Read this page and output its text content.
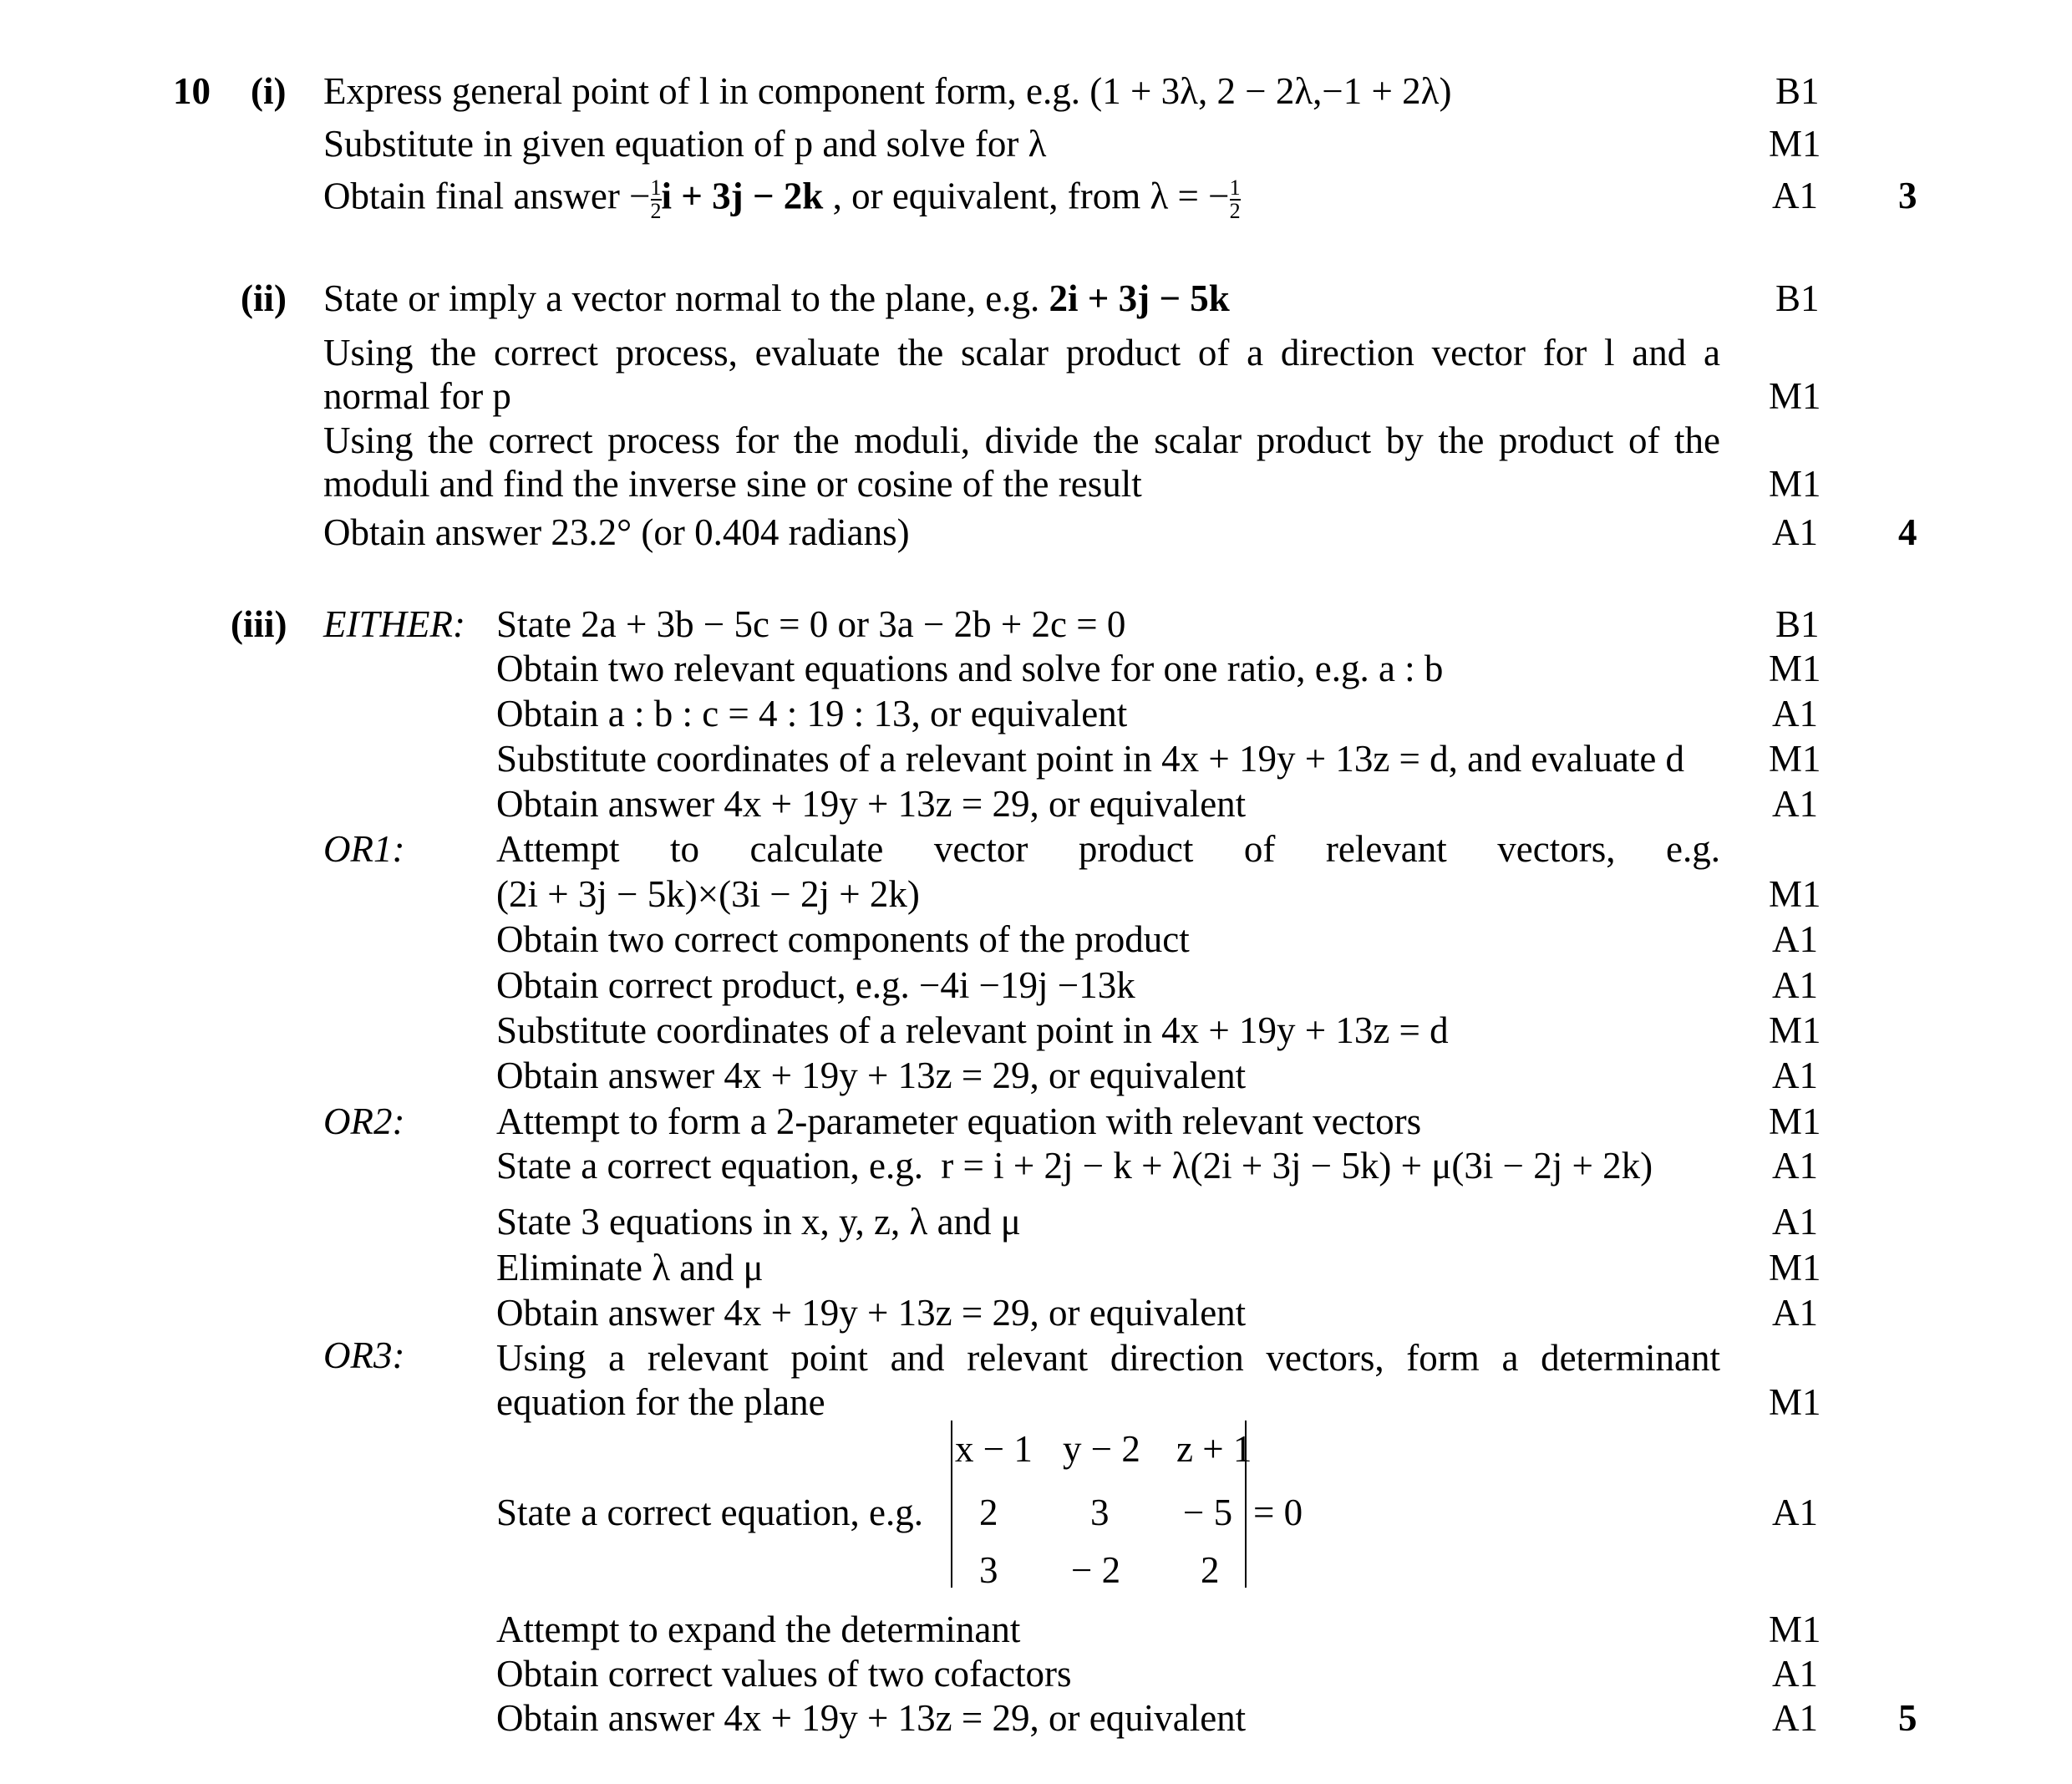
10 (i) Express general point of l in component form, e.g. (1 + 3λ, 2 − 2λ,−1 + 2λ)
Substitute in given equation of p and solve for λ
Obtain final answer − $\frac{1}{2}$ i + 3j − 2k , or equivalent, from λ = − $\frac{1}{2}$
B1
M1
A1 3
(ii) State or imply a vector normal to the plane, e.g. 2i + 3j − 5k
Using the correct process, evaluate the scalar product of a direction vector for l and a
normal for p
Using the correct process for the moduli, divide the scalar product by the product of the
moduli and find the inverse sine or cosine of the result
Obtain answer 23.2° (or 0.404 radians)
B1
M1
M1
A1 4
(iii) EITHER:
OR1:
OR2:
OR3:
State 2a + 3b − 5c = 0 or 3a − 2b + 2c = 0
Obtain two relevant equations and solve for one ratio, e.g. a : b
Obtain a : b : c = 4 : 19 : 13, or equivalent
Substitute coordinates of a relevant point in 4x + 19y + 13z = d, and evaluate d
Obtain answer 4x + 19y + 13z = 29, or equivalent
B1
M1
A1
M1
A1
Attempt to calculate vector product of relevant vectors, e.g.
(2i + 3j − 5k)×(3i − 2j + 2k)
Obtain two correct components of the product
Obtain correct product, e.g. −4i −19j −13k
Substitute coordinates of a relevant point in 4x + 19y + 13z = d
Obtain answer 4x + 19y + 13z = 29, or equivalent
M1
A1
A1
M1
A1
Attempt to form a 2-parameter equation with relevant vectors
State a correct equation, e.g. r = i + 2j − k + λ(2i + 3j − 5k) + μ(3i − 2j + 2k)
State 3 equations in x, y, z, λ and μ
Eliminate λ and μ
Obtain answer 4x + 19y + 13z = 29, or equivalent
M1
A1
A1
M1
A1
Using a relevant point and relevant direction vectors, form a determinant
equation for the plane
State a correct equation, e.g.
x − 1 y − 2 z + 1
2 3 − 5
3 − 2 2
= 0
Attempt to expand the determinant
Obtain correct values of two cofactors
Obtain answer 4x + 19y + 13z = 29, or equivalent
M1
A1
M1
A1
A1 5
